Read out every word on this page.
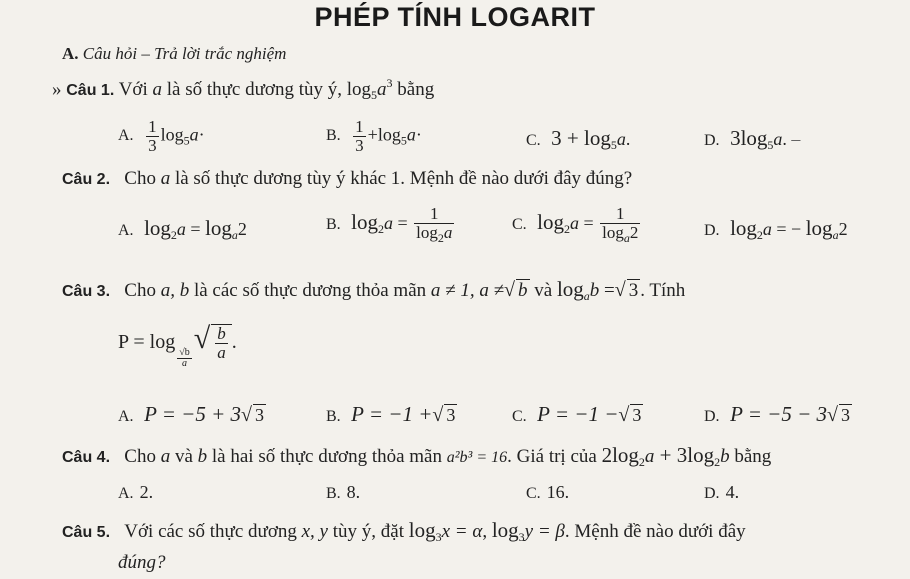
PHÉP TÍNH LOGARIT
A. Câu hỏi – Trả lời trắc nghiệm
» Câu 1. Với a là số thực dương tùy ý, $\log_5a^3$ bằng
A. $\frac{1}{3} \log_5a\cdot$	B. $\frac{1}{3} +\log_5a\cdot$	C. $3 + \log_5a$.	D. $3\log_5a$. –
Câu 2. Cho a là số thực dương tùy ý khác 1. Mệnh đề nào dưới đây đúng?
A. $\log_2a = \log_a2$	B. $\log_2a = \frac{1}{\log_2a}$	C. $\log_2a = \frac{1}{\log_a2}$	D. $\log_2a$ = − $\log_a2$
Câu 3. Cho a, b là các số thực dương thỏa mãn a ≠ 1, a ≠√ b và $\log_ab$ =√ 3 . Tính
P = log
$\frac{√b}{a}$
√ $\frac{b}{a}$ .
A. P = −5 + 3√ 3	B. P = −1 +√ 3	C. P = −1 −√ 3	D. P = −5 − 3√ 3
Câu 4. Cho a và b là hai số thực dương thỏa mãn a²b³ = 16. Giá trị của $2\log_2a + 3\log_2b$ bằng
A. 2.	B. 8.	C. 16.	D. 4.
Câu 5. Với các số thực dương x, y tùy ý, đặt $\log_3x = \alpha$, $\log_3y = \beta$. Mệnh đề nào dưới đây
đúng?
